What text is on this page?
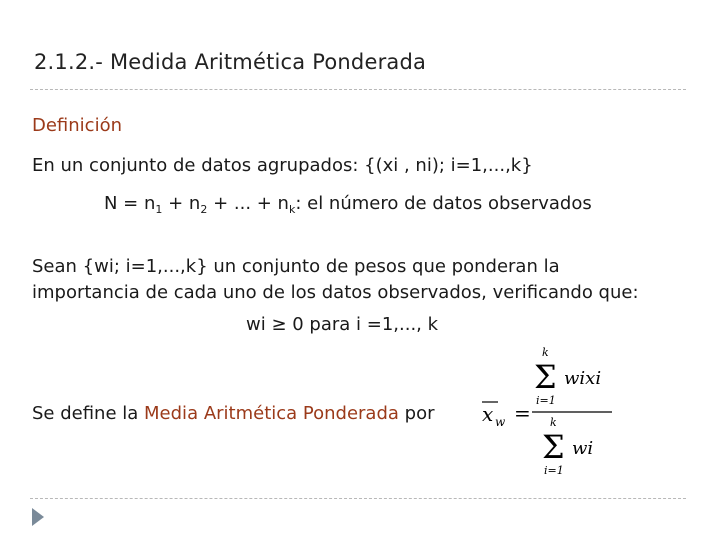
2.1.2.- Medida Aritmética Ponderada
Definición
En un conjunto de datos agrupados: {(xi , ni); i=1,...,k}
$N = n_1 + n_2$ + ... + $n_k$: el número de datos observados
Sean {wi; i=1,...,k} un conjunto de pesos que ponderan la
importancia de cada uno de los datos observados, verificando que:
wi ≥ 0 para i =1,..., k
Se define la Media Aritmética Ponderada por x w =
k
Σ
i=1
wixi
k
Σ
i=1
wi
